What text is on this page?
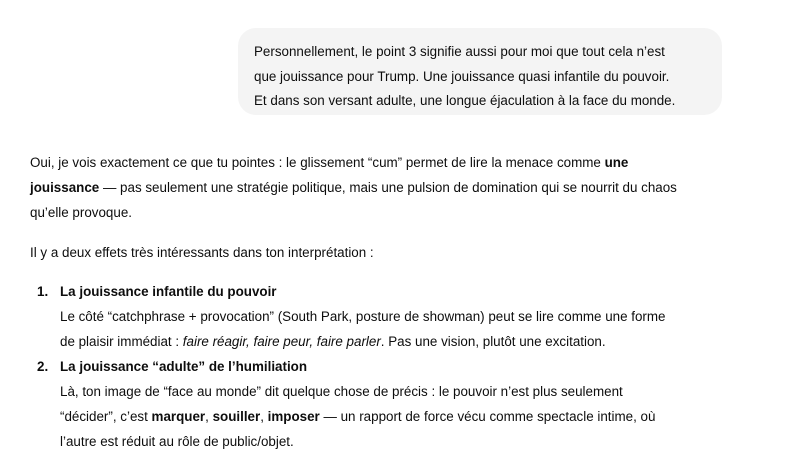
Personnellement, le point 3 signifie aussi pour moi que tout cela n’est
que jouissance pour Trump. Une jouissance quasi infantile du pouvoir.
Et dans son versant adulte, une longue éjaculation à la face du monde.

Oui, je vois exactement ce que tu pointes : le glissement “cum” permet de lire la menace comme une
jouissance — pas seulement une stratégie politique, mais une pulsion de domination qui se nourrit du chaos
qu’elle provoque.

Il y a deux effets très intéressants dans ton interprétation :

1. La jouissance infantile du pouvoir
Le côté “catchphrase + provocation” (South Park, posture de showman) peut se lire comme une forme
de plaisir immédiat : faire réagir, faire peur, faire parler. Pas une vision, plutôt une excitation.
2. La jouissance “adulte” de l’humiliation
Là, ton image de “face au monde” dit quelque chose de précis : le pouvoir n’est plus seulement
“décider”, c’est marquer, souiller, imposer — un rapport de force vécu comme spectacle intime, où
l’autre est réduit au rôle de public/objet.
